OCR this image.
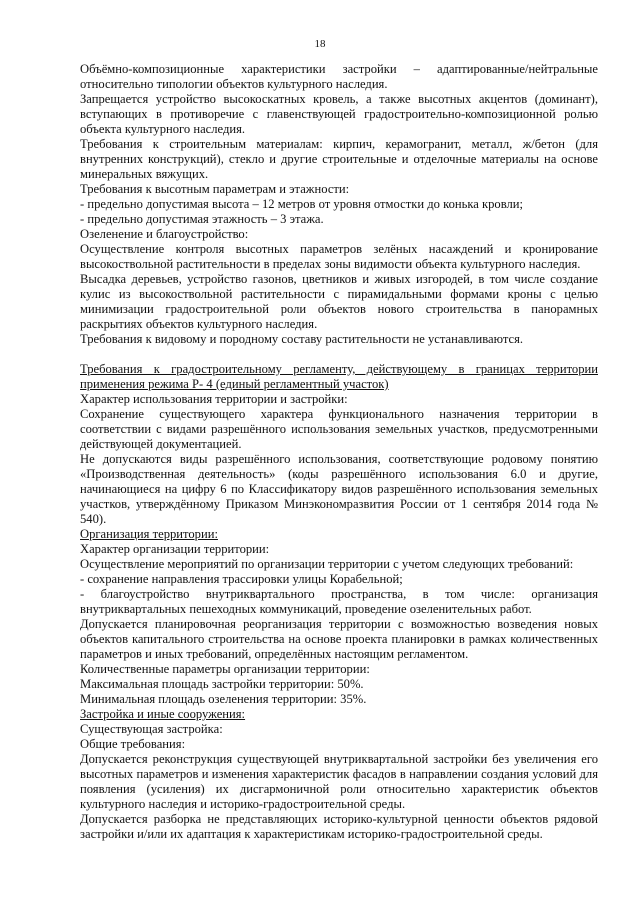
18

Объёмно-композиционные характеристики застройки – адаптированные/нейтральные относительно типологии объектов культурного наследия.

Запрещается устройство высокоскатных кровель, а также высотных акцентов (доминант), вступающих в противоречие с главенствующей градостроительно-композиционной ролью объекта культурного наследия.

Требования к строительным материалам: кирпич, керамогранит, металл, ж/бетон (для внутренних конструкций), стекло и другие строительные и отделочные материалы на основе минеральных вяжущих.

Требования к высотным параметрам и этажности:

- предельно допустимая высота – 12 метров от уровня отмостки до конька кровли;

- предельно допустимая этажность – 3 этажа.

Озеленение и благоустройство:

Осуществление контроля высотных параметров зелёных насаждений и кронирование высокоствольной растительности в пределах зоны видимости объекта культурного наследия.

Высадка деревьев, устройство газонов, цветников и живых изгородей, в том числе создание кулис из высокоствольной растительности с пирамидальными формами кроны с целью минимизации градостроительной роли объектов нового строительства в панорамных раскрытиях объектов культурного наследия.

Требования к видовому и породному составу растительности не устанавливаются.

Требования к градостроительному регламенту, действующему в границах территории применения режима Р- 4 (единый регламентный участок)

Характер использования территории и застройки:

Сохранение существующего характера функционального назначения территории в соответствии с видами разрешённого использования земельных участков, предусмотренными действующей документацией.

Не допускаются виды разрешённого использования, соответствующие родовому понятию «Производственная деятельность» (коды разрешённого использования 6.0 и другие, начинающиеся на цифру 6 по Классификатору видов разрешённого использования земельных участков, утверждённому Приказом Минэкономразвития России от 1 сентября 2014 года № 540).

Организация территории:

Характер организации территории:

Осуществление мероприятий по организации территории с учетом следующих требований:

- сохранение направления трассировки улицы Корабельной;

- благоустройство внутриквартального пространства, в том числе: организация внутриквартальных пешеходных коммуникаций, проведение озеленительных работ.

Допускается планировочная реорганизация территории с возможностью возведения новых объектов капитального строительства на основе проекта планировки в рамках количественных параметров и иных требований, определённых настоящим регламентом.

Количественные параметры организации территории:

Максимальная площадь застройки территории: 50%.

Минимальная площадь озеленения территории: 35%.

Застройка и иные сооружения:

Существующая застройка:

Общие требования:

Допускается реконструкция существующей внутриквартальной застройки без увеличения его высотных параметров и изменения характеристик фасадов в направлении создания условий для появления (усиления) их дисгармоничной роли относительно характеристик объектов культурного наследия и историко-градостроительной среды.

Допускается разборка не представляющих историко-культурной ценности объектов рядовой застройки и/или их адаптация к характеристикам историко-градостроительной среды.
